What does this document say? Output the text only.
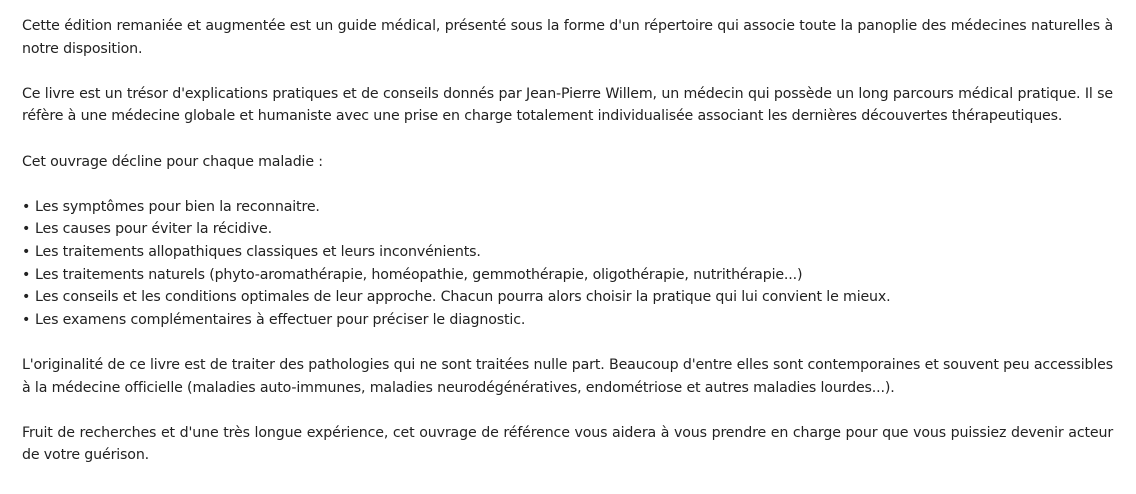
Cette édition remaniée et augmentée est un guide médical, présenté sous la forme d'un répertoire qui associe toute la panoplie des médecines naturelles à notre disposition.

Ce livre est un trésor d'explications pratiques et de conseils donnés par Jean-Pierre Willem, un médecin qui possède un long parcours médical pratique. Il se réfère à une médecine globale et humaniste avec une prise en charge totalement individualisée associant les dernières découvertes thérapeutiques.

Cet ouvrage décline pour chaque maladie :

• Les symptômes pour bien la reconnaitre.
• Les causes pour éviter la récidive.
• Les traitements allopathiques classiques et leurs inconvénients.
• Les traitements naturels (phyto-aromathérapie, homéopathie, gemmothérapie, oligothérapie, nutrithérapie...)
• Les conseils et les conditions optimales de leur approche. Chacun pourra alors choisir la pratique qui lui convient le mieux.
• Les examens complémentaires à effectuer pour préciser le diagnostic.

L'originalité de ce livre est de traiter des pathologies qui ne sont traitées nulle part. Beaucoup d'entre elles sont contemporaines et souvent peu accessibles à la médecine officielle (maladies auto-immunes, maladies neurodégénératives, endométriose et autres maladies lourdes...).

Fruit de recherches et d'une très longue expérience, cet ouvrage de référence vous aidera à vous prendre en charge pour que vous puissiez devenir acteur de votre guérison.
